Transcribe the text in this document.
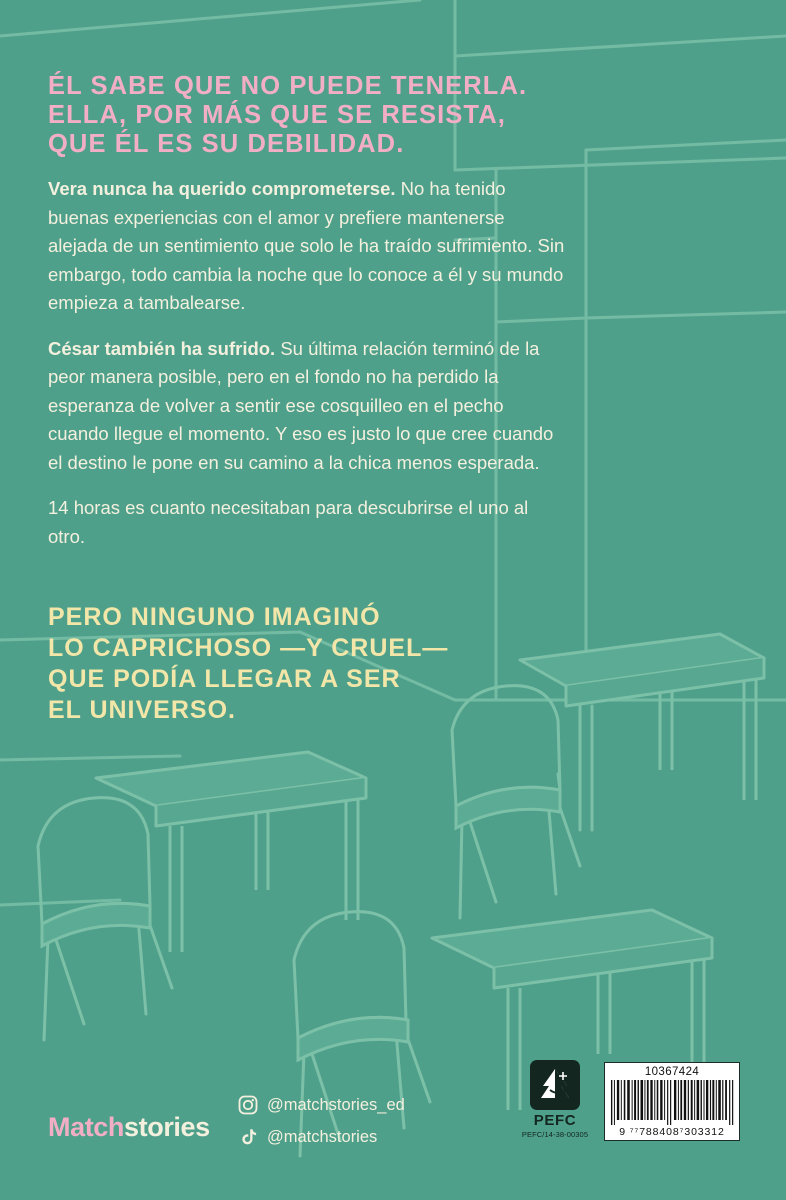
ÉL SABE QUE NO PUEDE TENERLA.
ELLA, POR MÁS QUE SE RESISTA,
QUE ÉL ES SU DEBILIDAD.

Vera nunca ha querido comprometerse. No ha tenido buenas experiencias con el amor y prefiere mantenerse alejada de un sentimiento que solo le ha traído sufrimiento. Sin embargo, todo cambia la noche que lo conoce a él y su mundo empieza a tambalearse.

César también ha sufrido. Su última relación terminó de la peor manera posible, pero en el fondo no ha perdido la esperanza de volver a sentir ese cosquilleo en el pecho cuando llegue el momento. Y eso es justo lo que cree cuando el destino le pone en su camino a la chica menos esperada.

14 horas es cuanto necesitaban para descubrirse el uno al otro.

PERO NINGUNO IMAGINÓ
LO CAPRICHOSO —Y CRUEL—
QUE PODÍA LLEGAR A SER
EL UNIVERSO.
Matchstories
@matchstories_ed
@matchstories
PEFC
PEFC/14-38-00305
10367424
9 ⁷⁷788408⁷303312
